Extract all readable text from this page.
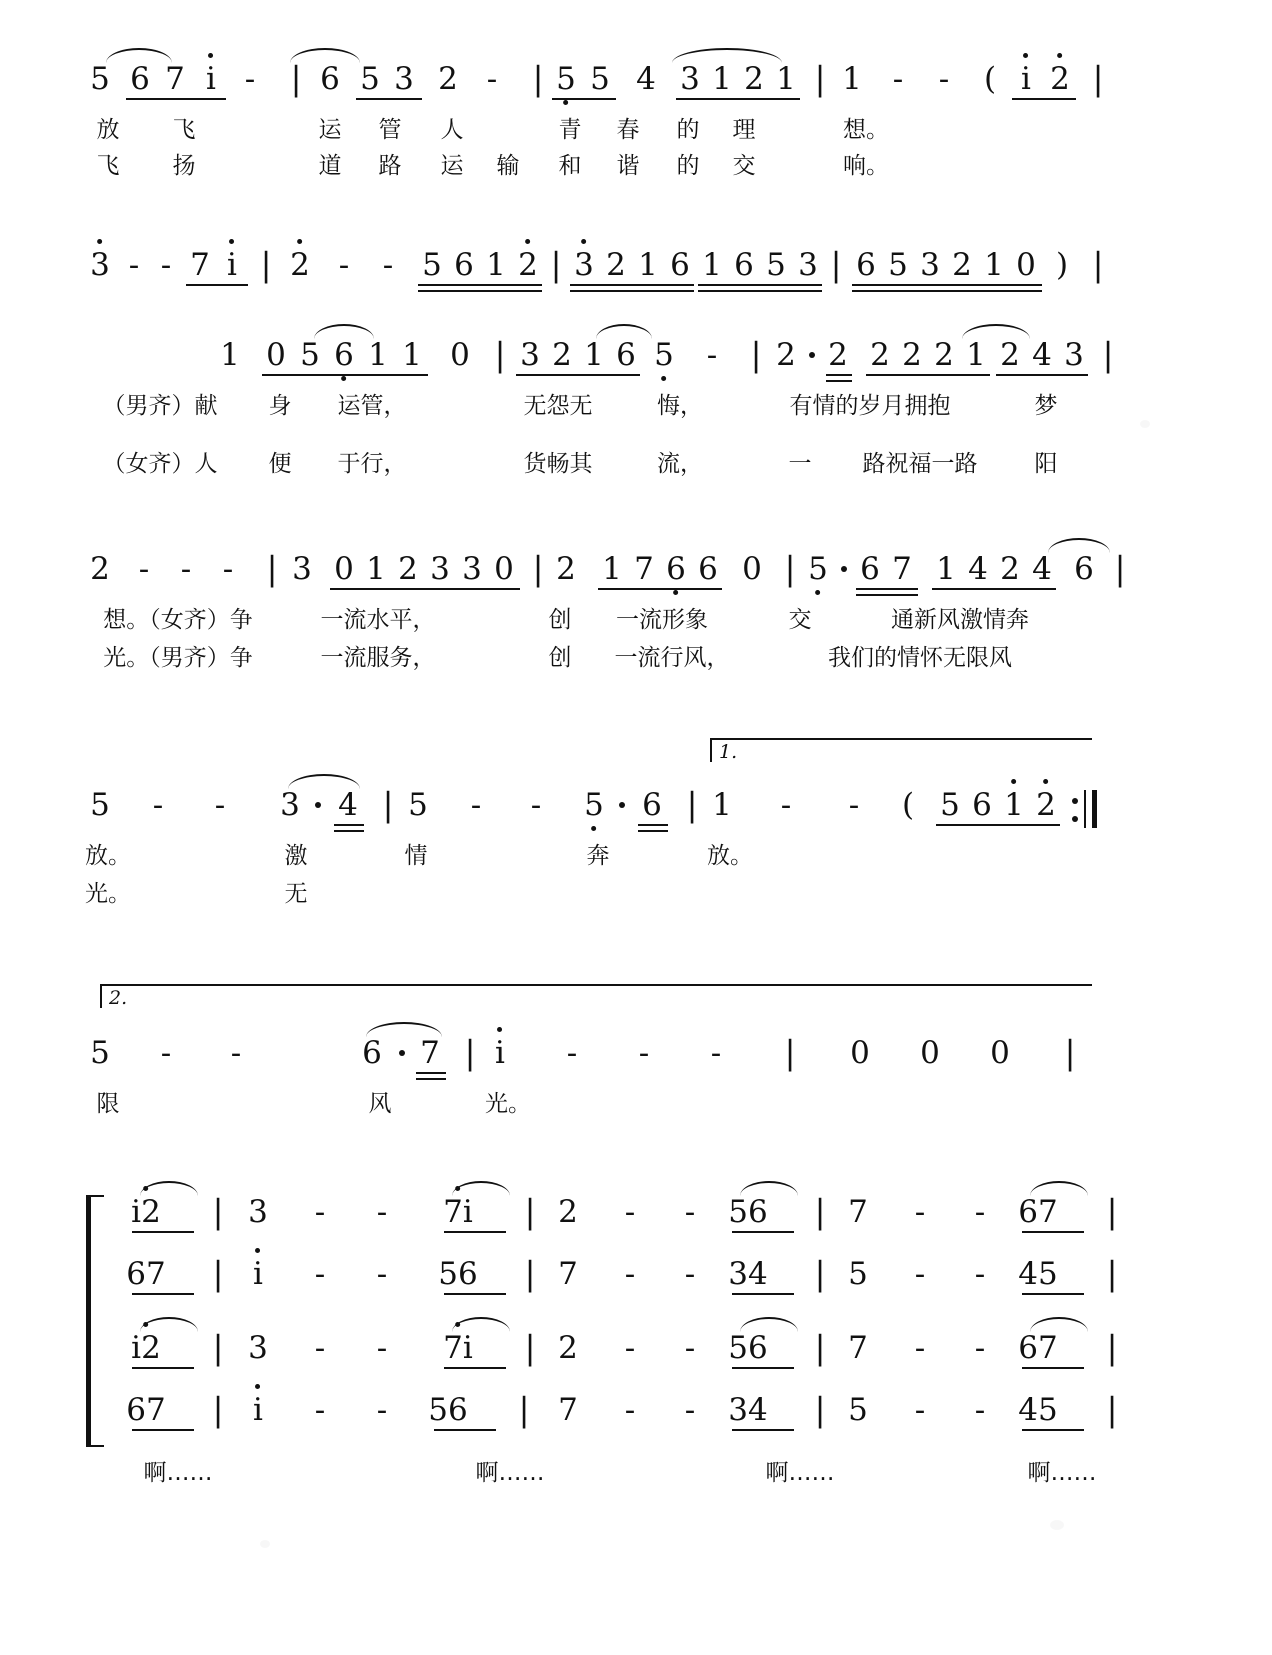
5 6 7 i - | 6 5 3 2 - | 5 5 4 3 1 2 1 | 1 - - ( i 2 |
放 飞	运 管 人	青 春 的 理	想。
飞 扬	道 路 运 输 和 谐 的 交	响。
3 - - 7 i | 2 - - 5 6 1 2 | 3 2 1 6 1 6 5 3 | 6 5 3 2 1 0 ) |
1 0 5 6 1 1 0 | 3 2 1 6 5 - | 2 2 2 2 2 1 2 4 3 |
（男齐）献 身 运管，	无怨无	悔，	有情的岁月拥抱	梦
（女齐）人 便 于行，	货畅其	流，	一 路祝福一路 阳
2 - - - | 3 0 1 2 3 3 0 | 2 1 7 6 6 0 | 5 6 7 1 4 2 4 6 |
想。（女齐）争	一流水平，	创 一流形象	交	通新风激情奔
光。（男齐）争	一流服务，	创 一流行风，	我们的情怀无限风
1.
5 - - 3 4 | 5 - - 5 6 | 1 - - ( 5 6 1 2
放。	激	情	奔	放。
光。	无
2.
5 - -	6 7 | i - - - | 0 0 0 |
限	风	光。
i2 | 3 - - 7i | 2 - - 56 | 7 - - 67 |
67 | i - - 56 | 7 - - 34 | 5 - - 45 |
i2 | 3 - - 7i | 2 - - 56 | 7 - - 67 |
67 | i - - 56 | 7 - - 34 | 5 - - 45 |
啊……	啊……	啊……	啊……
